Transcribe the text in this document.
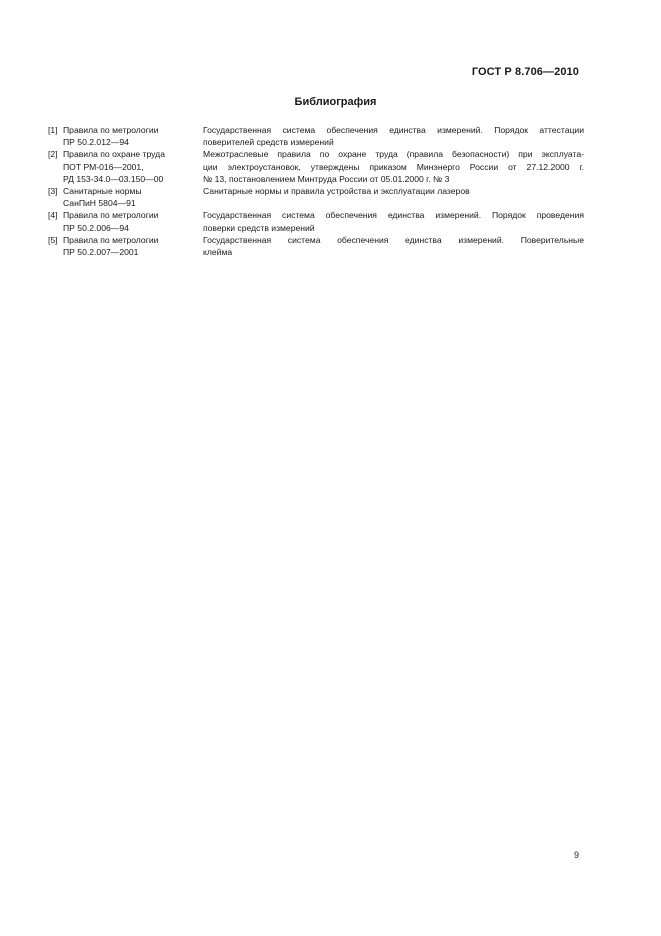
ГОСТ Р 8.706—2010
Библиография
[1] Правила по метрологии
ПР 50.2.012—94
Государственная система обеспечения единства измерений. Порядок аттестации
поверителей средств измерений
[2] Правила по охране труда
ПОТ РМ-016—2001,
РД 153-34.0—03.150—00
Межотраслевые правила по охране труда (правила безопасности) при эксплуата-
ции электроустановок, утверждены приказом Минэнерго России от 27.12.2000 г.
№ 13, постановлением Минтруда России от 05.01.2000 г. № 3
[3] Санитарные нормы
СанПиН 5804—91
Санитарные нормы и правила устройства и эксплуатации лазеров
[4] Правила по метрологии
ПР 50.2.006—94
Государственная система обеспечения единства измерений. Порядок проведения
поверки средств измерений
[5] Правила по метрологии
ПР 50.2.007—2001
Государственная система обеспечения единства измерений. Поверительные
клейма
9
